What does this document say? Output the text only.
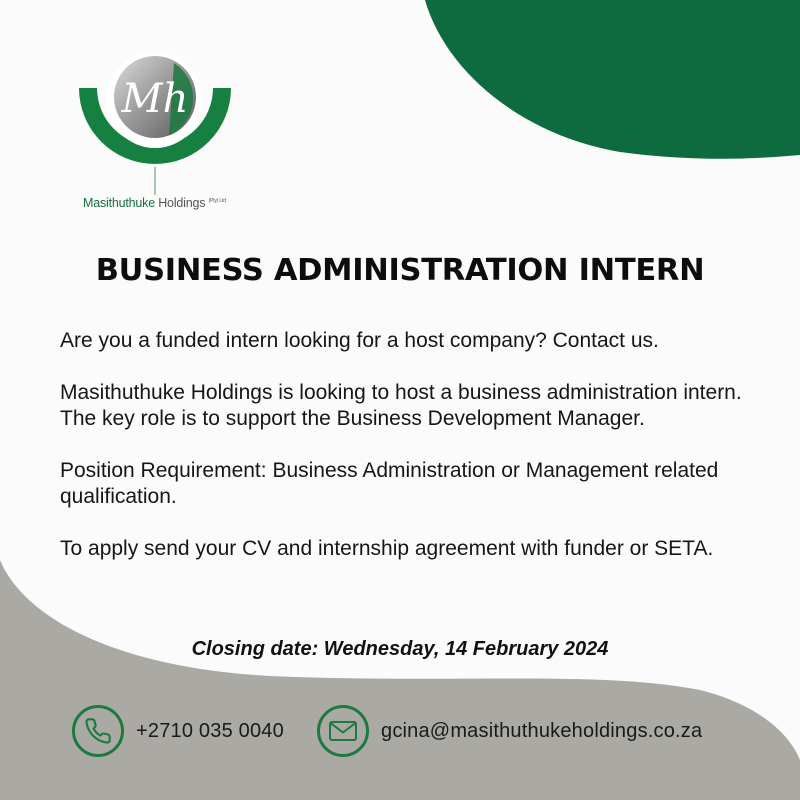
Mh
Masithuthuke Holdings $^{(Pty) Ltd}$
BUSINESS ADMINISTRATION INTERN

Are you a funded intern looking for a host company? Contact us.

Masithuthuke Holdings is looking to host a business administration intern. The key role is to support the Business Development Manager.

Position Requirement: Business Administration or Management related qualification.

To apply send your CV and internship agreement with funder or SETA.

Closing date: Wednesday, 14 February 2024
+2710 035 0040	gcina@masithuthukeholdings.co.za
